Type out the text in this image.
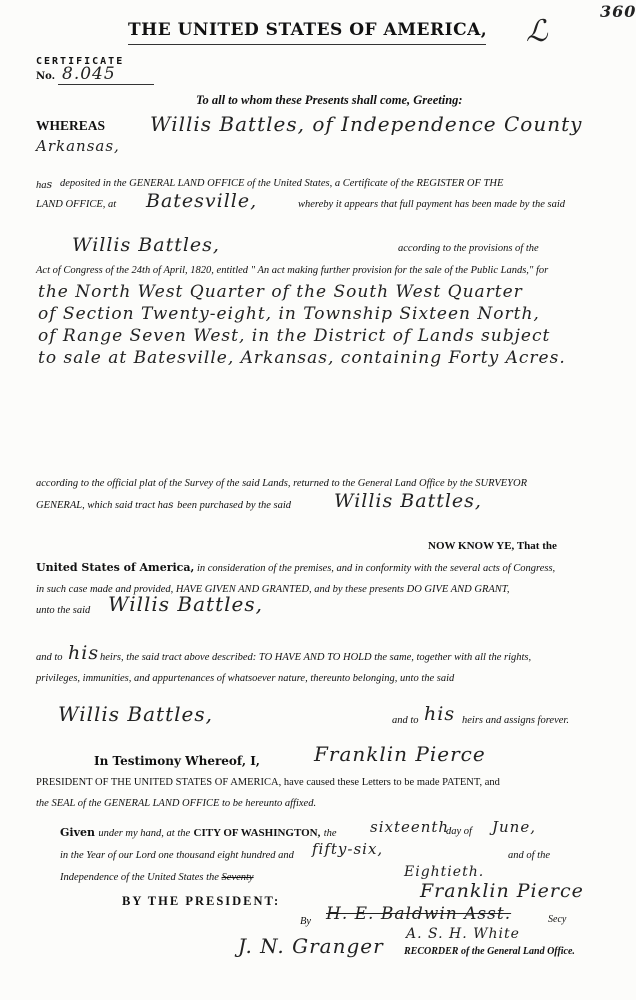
360
THE UNITED STATES OF AMERICA, ℒ
CERTIFICATE
No. 8.045
To all to whom these Presents shall come, Greeting:
WHEREAS Willis Battles, of Independence County
Arkansas,
has deposited in the GENERAL LAND OFFICE of the United States, a Certificate of the REGISTER OF THE
LAND OFFICE, at Batesville,	whereby it appears that full payment has been made by the said
Willis Battles,	according to the provisions of the
Act of Congress of the 24th of April, 1820, entitled " An act making further provision for the sale of the Public Lands," for
the North West Quarter of the South West Quarter
of Section Twenty-eight, in Township Sixteen North,
of Range Seven West, in the District of Lands subject
to sale at Batesville, Arkansas, containing Forty Acres.
according to the official plat of the Survey of the said Lands, returned to the General Land Office by the SURVEYOR
GENERAL, which said tract has been purchased by the said Willis Battles,
NOW KNOW YE, That the
United States of America, in consideration of the premises, and in conformity with the several acts of Congress,
in such case made and provided, HAVE GIVEN AND GRANTED, and by these presents DO GIVE AND GRANT,
unto the said Willis Battles,
and to his heirs, the said tract above described: TO HAVE AND TO HOLD the same, together with all the rights,
privileges, immunities, and appurtenances of whatsoever nature, thereunto belonging, unto the said
Willis Battles,	and to his heirs and assigns forever.
In Testimony Whereof, I,	Franklin Pierce
PRESIDENT OF THE UNITED STATES OF AMERICA, have caused these Letters to be made PATENT, and
the SEAL of the GENERAL LAND OFFICE to be hereunto affixed.
Given under my hand, at the CITY OF WASHINGTON, the sixteenth
day of June,
in the Year of our Lord one thousand eight hundred and fifty-six,	and of the
Independence of the United States the Seventy	Eightieth.
BY THE PRESIDENT:	Franklin Pierce
By H. E. Baldwin Asst.	Secy
A. S. H. White
RECORDER of the General Land Office.
J. N. Granger
